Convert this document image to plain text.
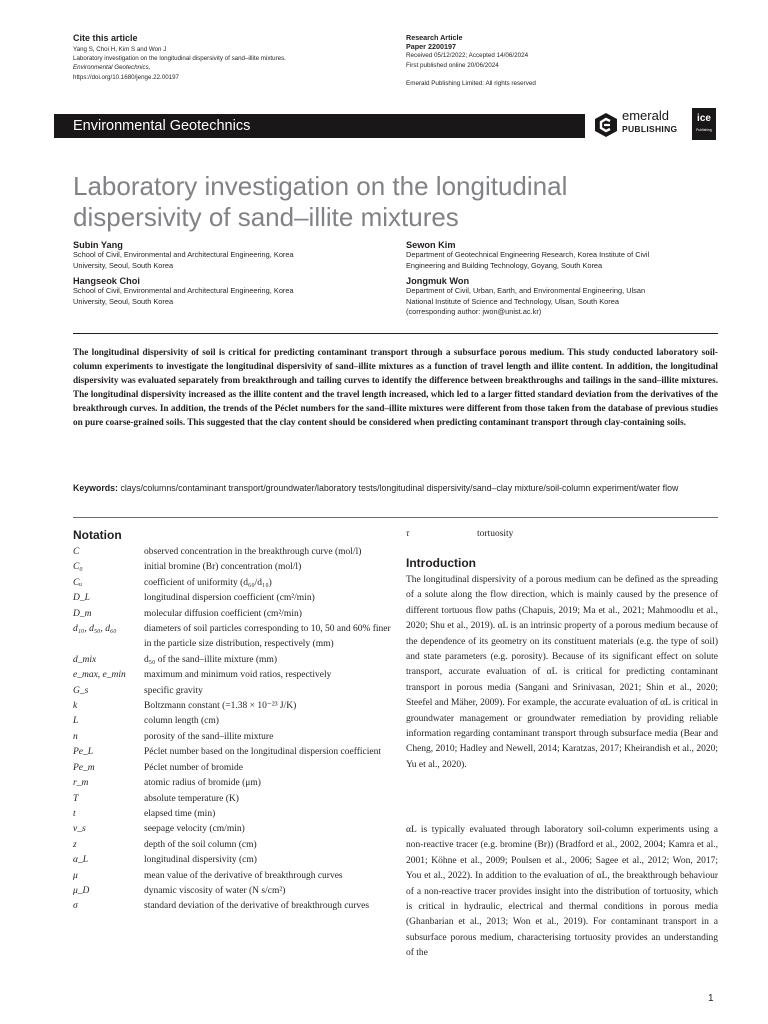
Cite this article
Yang S, Choi H, Kim S and Won J
Laboratory investigation on the longitudinal dispersivity of sand–illite mixtures.
Environmental Geotechnics,
https://doi.org/10.1680/jenge.22.00197
Research Article
Paper 2200197
Received 05/12/2022; Accepted 14/06/2024
First published online 20/06/2024
Emerald Publishing Limited: All rights reserved
Environmental Geotechnics
emerald
PUBLISHING
ice
Publishing
Laboratory investigation on the longitudinal
dispersivity of sand–illite mixtures
Subin Yang
School of Civil, Environmental and Architectural Engineering, Korea
University, Seoul, South Korea
Hangseok Choi
School of Civil, Environmental and Architectural Engineering, Korea
University, Seoul, South Korea
Sewon Kim
Department of Geotechnical Engineering Research, Korea Institute of Civil
Engineering and Building Technology, Goyang, South Korea
Jongmuk Won
Department of Civil, Urban, Earth, and Environmental Engineering, Ulsan
National Institute of Science and Technology, Ulsan, South Korea
(corresponding author: jwon@unist.ac.kr)
The longitudinal dispersivity of soil is critical for predicting contaminant transport through a subsurface porous medium. This study conducted laboratory soil-column experiments to investigate the longitudinal dispersivity of sand–illite mixtures as a function of travel length and illite content. In addition, the longitudinal dispersivity was evaluated separately from breakthrough and tailing curves to identify the difference between breakthroughs and tailings in the sand–illite mixtures. The longitudinal dispersivity increased as the illite content and the travel length increased, which led to a larger fitted standard deviation from the derivatives of the breakthrough curves. In addition, the trends of the Péclet numbers for the sand–illite mixtures were different from those taken from the database of previous studies on pure coarse-grained soils. This suggested that the clay content should be considered when predicting contaminant transport through clay-containing soils.
Keywords: clays/columns/contaminant transport/groundwater/laboratory tests/longitudinal dispersivity/sand–clay mixture/soil-column experiment/water flow
Notation
C	observed concentration in the breakthrough curve (mol/l)
C₀	initial bromine (Br) concentration (mol/l)
Cᵤ	coefficient of uniformity (d₆₀/d₁₀)
D_L	longitudinal dispersion coefficient (cm²/min)
D_m	molecular diffusion coefficient (cm²/min)
d₁₀, d₅₀, d₆₀	diameters of soil particles corresponding to 10, 50 and 60% finer in the particle size distribution, respectively (mm)
d_mix	d₅₀ of the sand–illite mixture (mm)
e_max, e_min	maximum and minimum void ratios, respectively
G_s	specific gravity
k	Boltzmann constant (=1.38 × 10⁻²³ J/K)
L	column length (cm)
n	porosity of the sand–illite mixture
Pe_L	Péclet number based on the longitudinal dispersion coefficient
Pe_m	Péclet number of bromide
r_m	atomic radius of bromide (μm)
T	absolute temperature (K)
t	elapsed time (min)
v_s	seepage velocity (cm/min)
z	depth of the soil column (cm)
α_L	longitudinal dispersivity (cm)
μ	mean value of the derivative of breakthrough curves
μ_D	dynamic viscosity of water (N s/cm²)
σ	standard deviation of the derivative of breakthrough curves
τ	tortuosity
Introduction
The longitudinal dispersivity of a porous medium can be defined as the spreading of a solute along the flow direction, which is mainly caused by the presence of different tortuous flow paths (Chapuis, 2019; Ma et al., 2021; Mahmoodlu et al., 2020; Shu et al., 2019). αL is an intrinsic property of a porous medium because of the dependence of its geometry on its constituent materials (e.g. the type of soil) and state parameters (e.g. porosity). Because of its significant effect on solute transport, accurate evaluation of αL is critical for predicting contaminant transport in porous media (Sangani and Srinivasan, 2021; Shin et al., 2020; Steefel and Mäher, 2009). For example, the accurate evaluation of αL is critical in groundwater management or groundwater remediation by providing reliable information regarding contaminant transport through subsurface media (Bear and Cheng, 2010; Hadley and Newell, 2014; Karatzas, 2017; Kheirandish et al., 2020; Yu et al., 2020).
αL is typically evaluated through laboratory soil-column experiments using a non-reactive tracer (e.g. bromine (Br)) (Bradford et al., 2002, 2004; Kamra et al., 2001; Köhne et al., 2009; Poulsen et al., 2006; Sagee et al., 2012; Won, 2017; You et al., 2022). In addition to the evaluation of αL, the breakthrough behaviour of a non-reactive tracer provides insight into the distribution of tortuosity, which is critical in hydraulic, electrical and thermal conditions in porous media (Ghanbarian et al., 2013; Won et al., 2019). For contaminant transport in a subsurface porous medium, characterising tortuosity provides an understanding of the
1
